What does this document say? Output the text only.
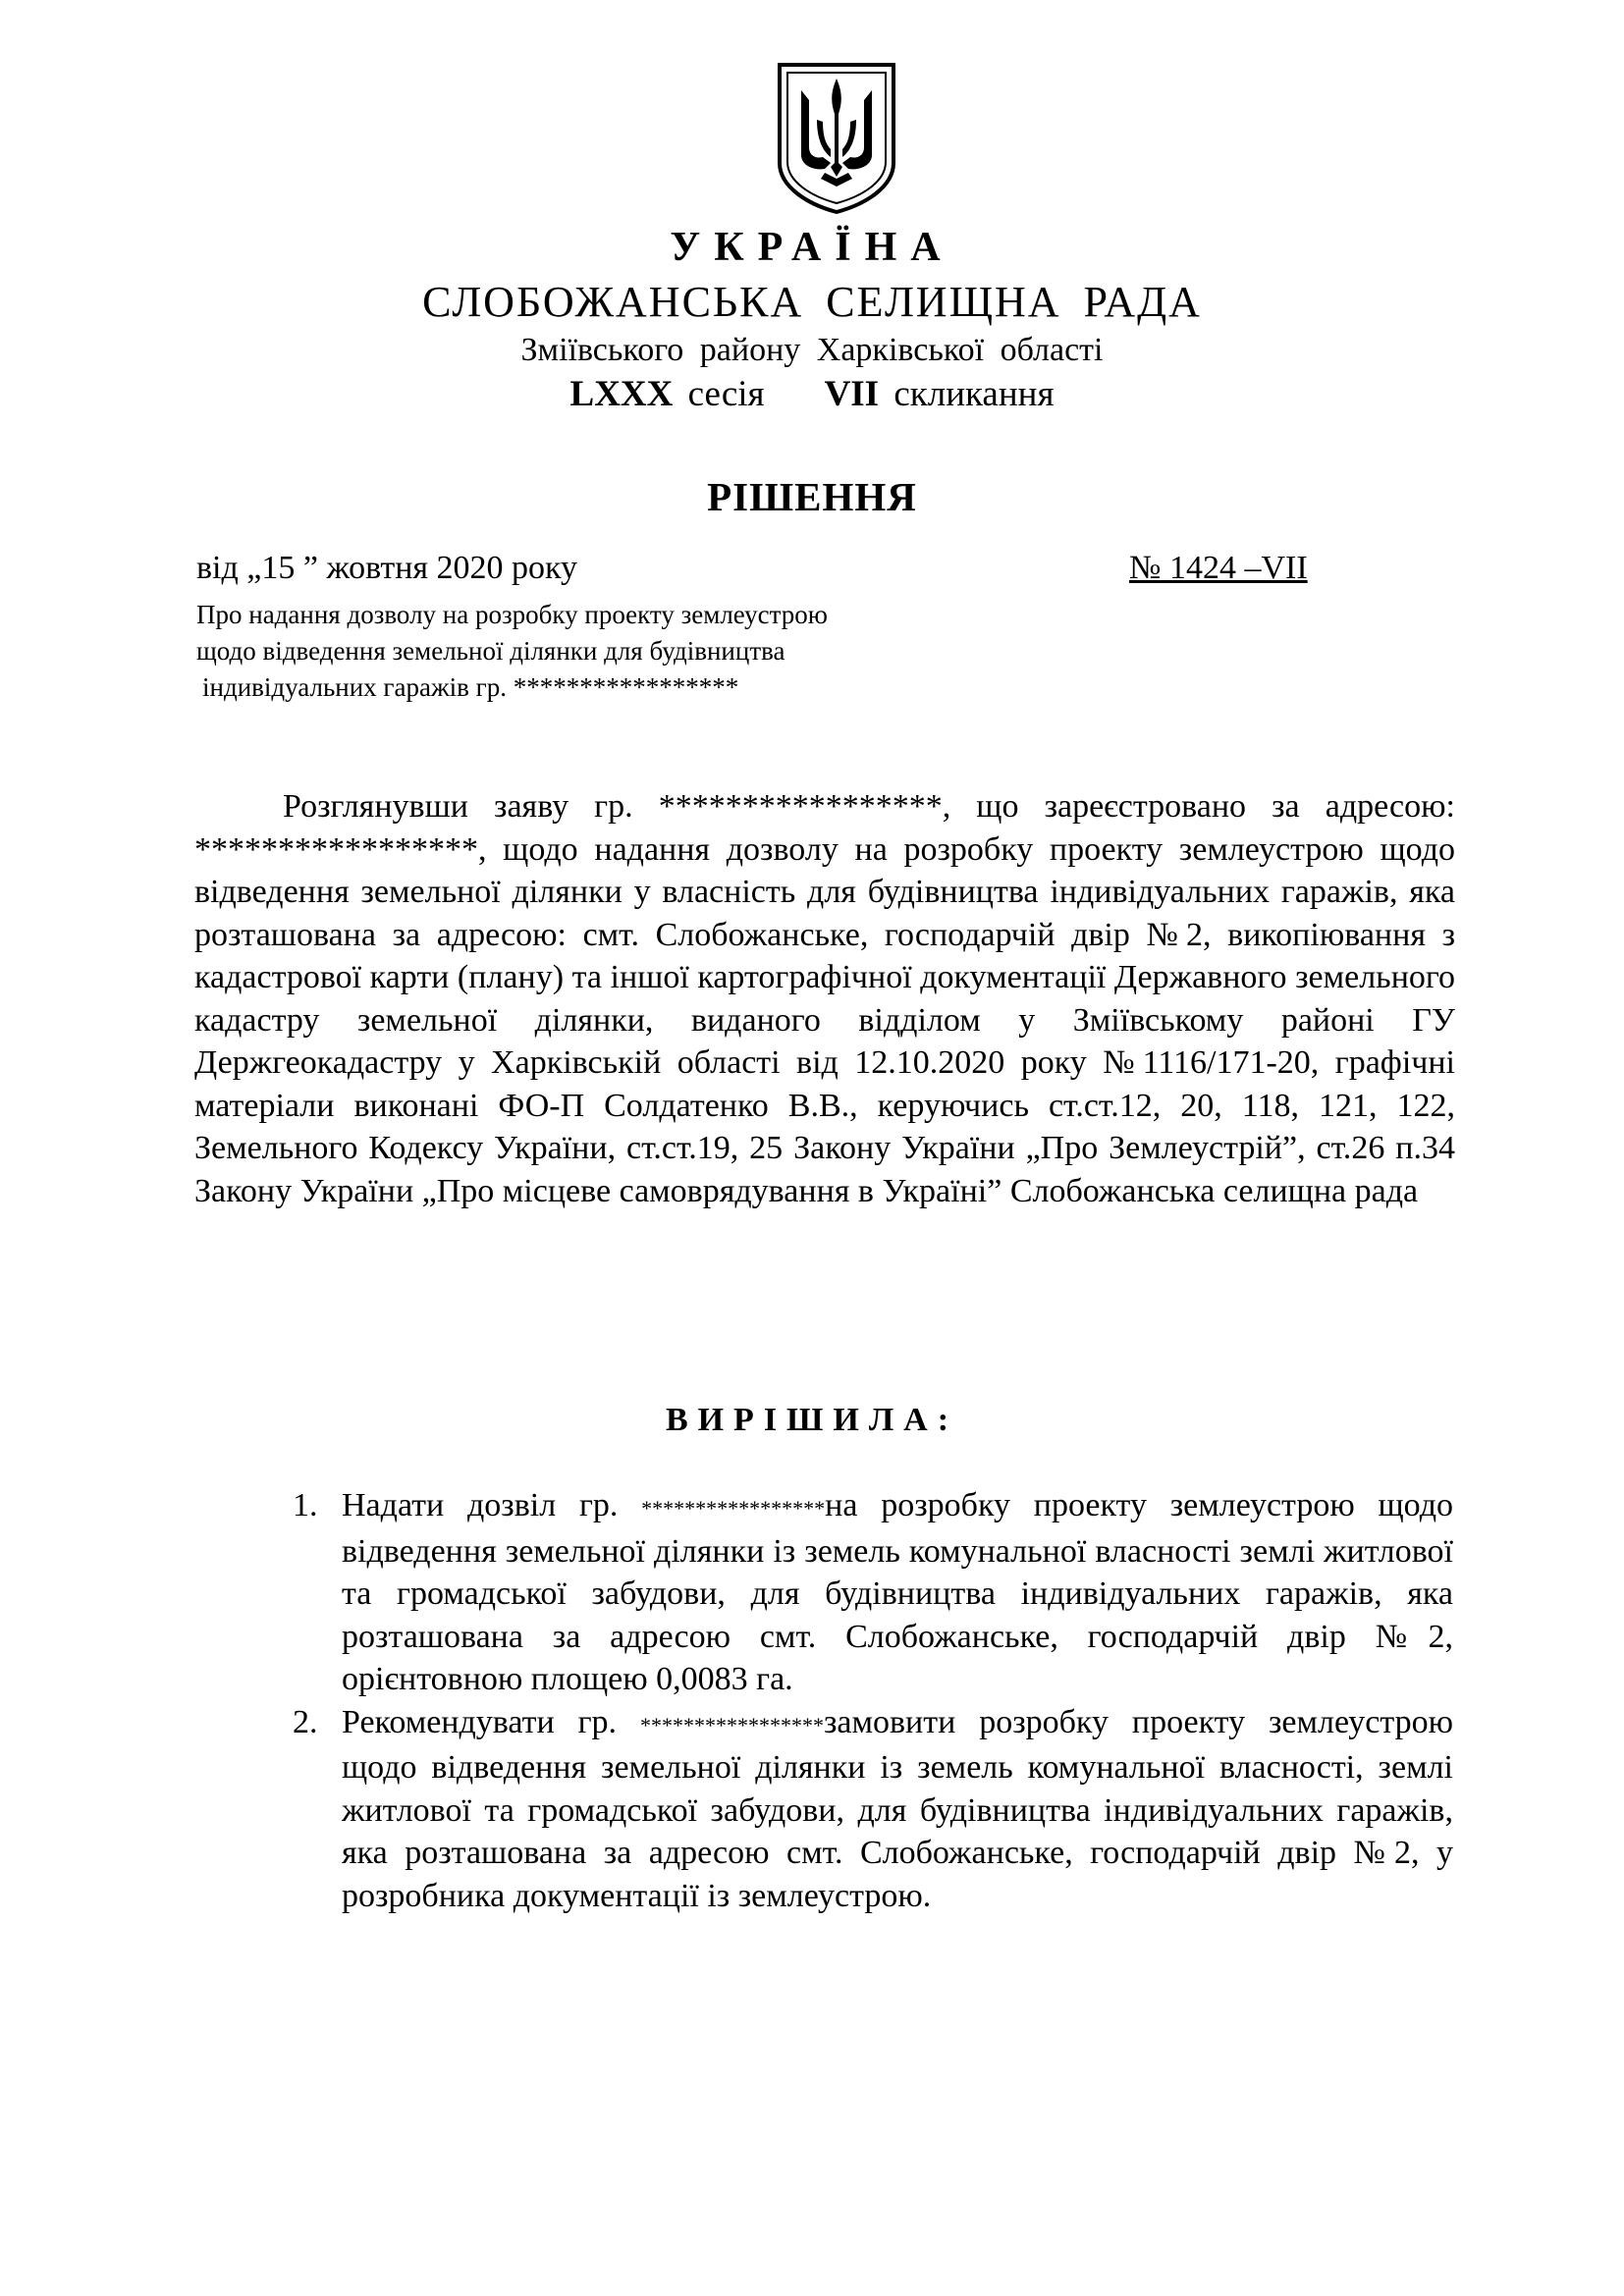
УКРАЇНА
СЛОБОЖАНСЬКА СЕЛИЩНА РАДА
Зміївського району Харківської області
LXXX сесія VII скликання
РІШЕННЯ
від „15 ” жовтня 2020 року	№ 1424 –VII
Про надання дозволу на розробку проекту землеустрою
щодо відведення земельної ділянки для будівництва
індивідуальних гаражів гр. *****************
Розглянувши заяву гр. *****************, що зареєстровано за адресою: *****************, щодо надання дозволу на розробку проекту землеустрою щодо відведення земельної ділянки у власність для будівництва індивідуальних гаражів, яка розташована за адресою: смт. Слобожанське, господарчій двір №2, викопіювання з кадастрової карти (плану) та іншої картографічної документації Державного земельного кадастру земельної ділянки, виданого відділом у Зміївському районі ГУ Держгеокадастру у Харківській області від 12.10.2020 року №1116/171-20, графічні матеріали виконані ФО-П Солдатенко В.В., керуючись ст.ст.12, 20, 118, 121, 122, Земельного Кодексу України, ст.ст.19, 25 Закону України „Про Землеустрій”, ст.26 п.34 Закону України „Про місцеве самоврядування в Україні” Слобожанська селищна рада
ВИРІШИЛА:
1. Надати дозвіл гр. *****************на розробку проекту землеустрою щодо відведення земельної ділянки із земель комунальної власності землі житлової та громадської забудови, для будівництва індивідуальних гаражів, яка розташована за адресою смт. Слобожанське, господарчій двір №2, орієнтовною площею 0,0083 га.
2. Рекомендувати гр. *****************замовити розробку проекту землеустрою щодо відведення земельної ділянки із земель комунальної власності, землі житлової та громадської забудови, для будівництва індивідуальних гаражів, яка розташована за адресою смт. Слобожанське, господарчій двір №2, у розробника документації із землеустрою.
